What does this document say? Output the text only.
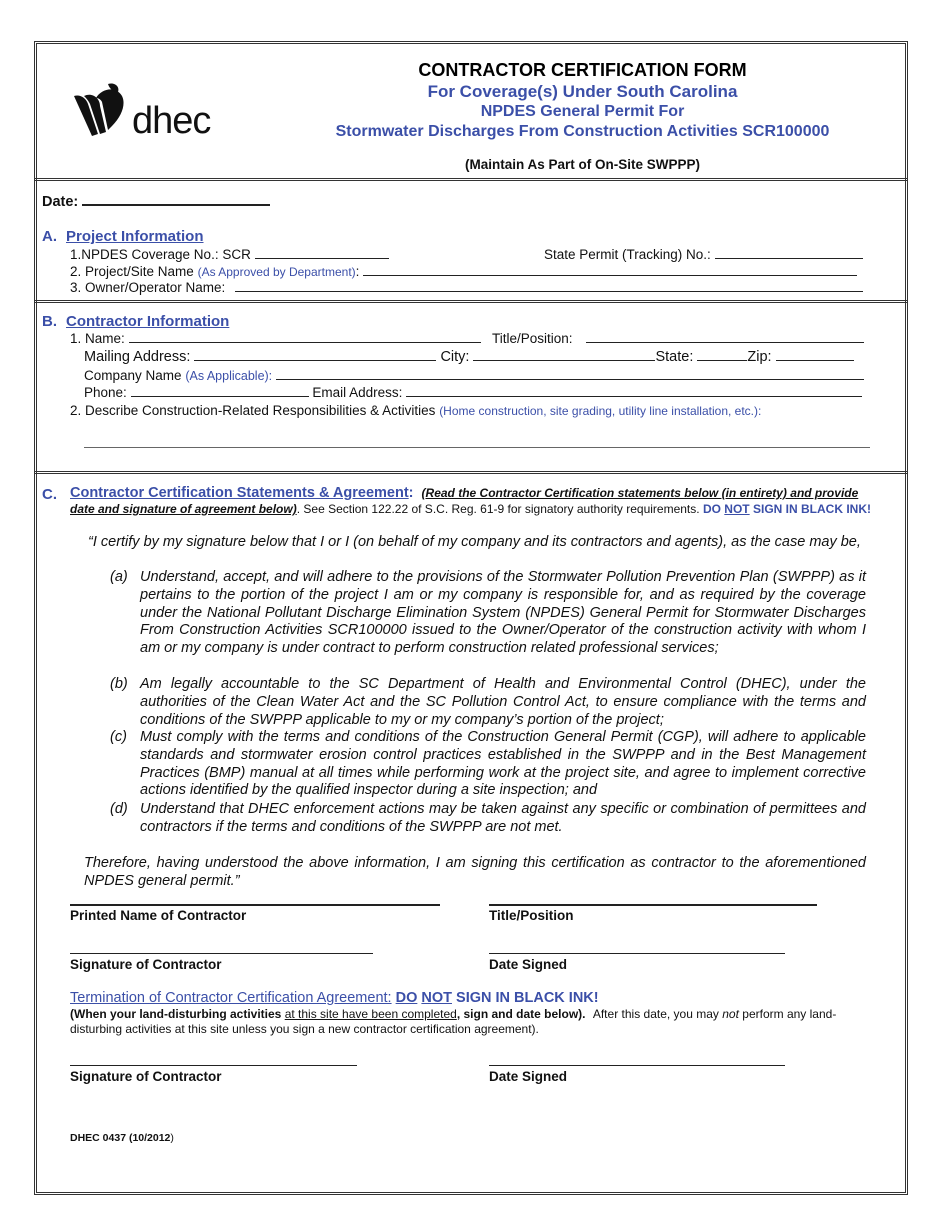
dhec
CONTRACTOR CERTIFICATION FORM
For Coverage(s) Under South Carolina
NPDES General Permit For
Stormwater Discharges From Construction Activities SCR100000
(Maintain As Part of On-Site SWPPP)
Date:
A. Project Information
1.NPDES Coverage No.: SCR	State Permit (Tracking) No.:
2. Project/Site Name (As Approved by Department):
3. Owner/Operator Name:
B. Contractor Information
1. Name:	Title/Position:
Mailing Address:	City:	State:	Zip:
Company Name (As Applicable):
Phone:	Email Address:
2. Describe Construction-Related Responsibilities & Activities (Home construction, site grading, utility line installation, etc.):
C. Contractor Certification Statements & Agreement: (Read the Contractor Certification statements below (in entirety) and provide
date and signature of agreement below). See Section 122.22 of S.C. Reg. 61-9 for signatory authority requirements. DO NOT SIGN IN BLACK INK!
“I certify by my signature below that I or I (on behalf of my company and its contractors and agents), as the case may be,
(a) Understand, accept, and will adhere to the provisions of the Stormwater Pollution Prevention Plan (SWPPP) as it pertains to the portion of the project I am or my company is responsible for, and as required by the coverage under the National Pollutant Discharge Elimination System (NPDES) General Permit for Stormwater Discharges From Construction Activities SCR100000 issued to the Owner/Operator of the construction activity with whom I am or my company is under contract to perform construction related professional services;
(b) Am legally accountable to the SC Department of Health and Environmental Control (DHEC), under the authorities of the Clean Water Act and the SC Pollution Control Act, to ensure compliance with the terms and conditions of the SWPPP applicable to my or my company’s portion of the project;
(c) Must comply with the terms and conditions of the Construction General Permit (CGP), will adhere to applicable standards and stormwater erosion control practices established in the SWPPP and in the Best Management Practices (BMP) manual at all times while performing work at the project site, and agree to implement corrective actions identified by the qualified inspector during a site inspection; and
(d) Understand that DHEC enforcement actions may be taken against any specific or combination of permittees and contractors if the terms and conditions of the SWPPP are not met.
Therefore, having understood the above information, I am signing this certification as contractor to the aforementioned NPDES general permit.”
Printed Name of Contractor	Title/Position
Signature of Contractor	Date Signed
Termination of Contractor Certification Agreement: DO NOT SIGN IN BLACK INK!
(When your land-disturbing activities at this site have been completed, sign and date below). After this date, you may not perform any land-
disturbing activities at this site unless you sign a new contractor certification agreement).
Signature of Contractor	Date Signed
DHEC 0437 (10/2012)
